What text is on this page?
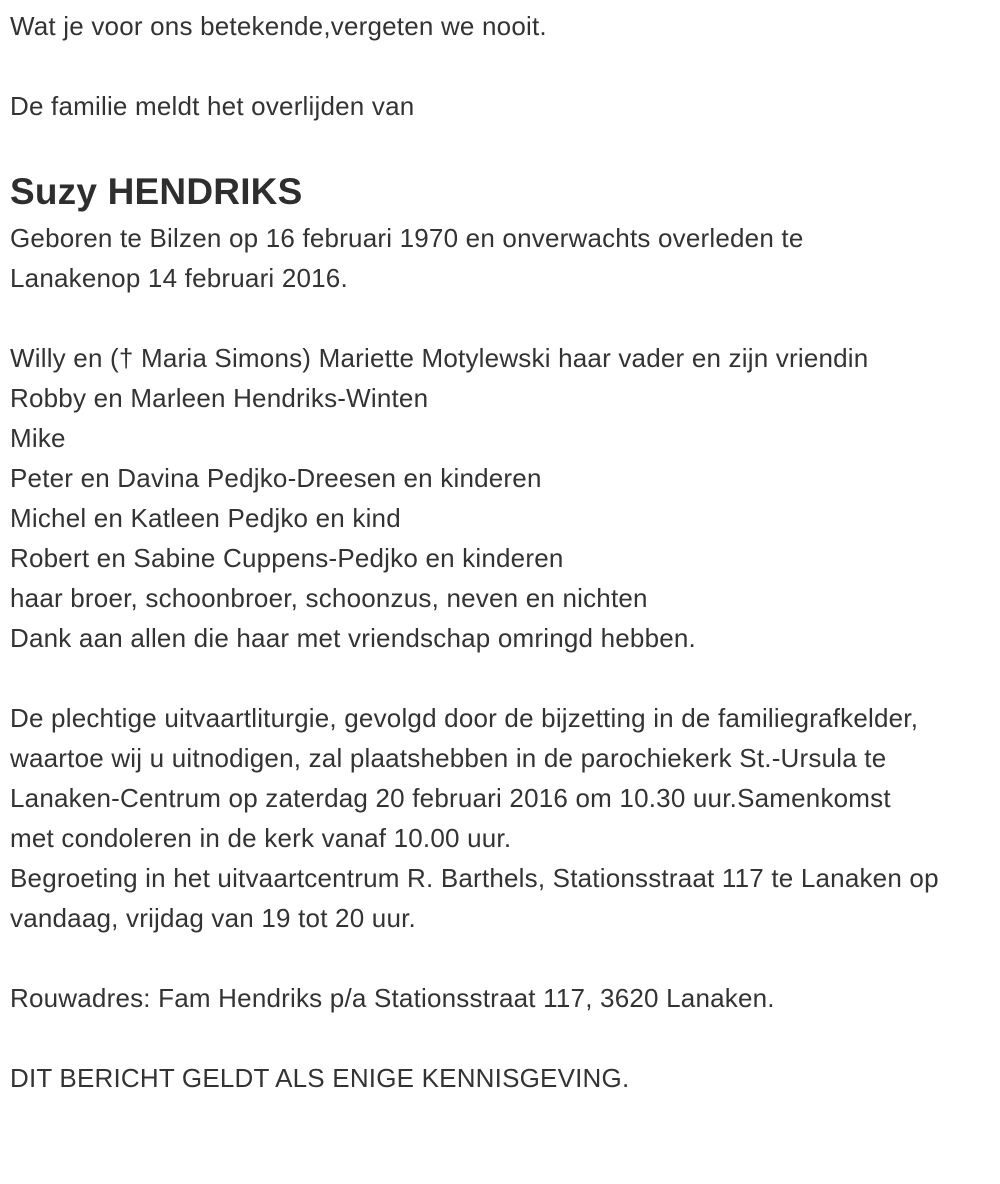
Wat je voor ons betekende,vergeten we nooit.

De familie meldt het overlijden van

Suzy HENDRIKS

Geboren te Bilzen op 16 februari 1970 en onverwachts overleden te Lanakenop 14 februari 2016.

Willy en († Maria Simons) Mariette Motylewski haar vader en zijn vriendin
Robby en Marleen Hendriks-Winten
Mike
Peter en Davina Pedjko-Dreesen en kinderen
Michel en Katleen Pedjko en kind
Robert en Sabine Cuppens-Pedjko en kinderen
haar broer, schoonbroer, schoonzus, neven en nichten
Dank aan allen die haar met vriendschap omringd hebben.
De plechtige uitvaartliturgie, gevolgd door de bijzetting in de familiegrafkelder, waartoe wij u uitnodigen, zal plaatshebben in de parochiekerk St.-Ursula te Lanaken-Centrum op zaterdag 20 februari 2016 om 10.30 uur.Samenkomst met condoleren in de kerk vanaf 10.00 uur.
Begroeting in het uitvaartcentrum R. Barthels, Stationsstraat 117 te Lanaken op vandaag, vrijdag van 19 tot 20 uur.

Rouwadres: Fam Hendriks p/a Stationsstraat 117, 3620 Lanaken.

DIT BERICHT GELDT ALS ENIGE KENNISGEVING.
